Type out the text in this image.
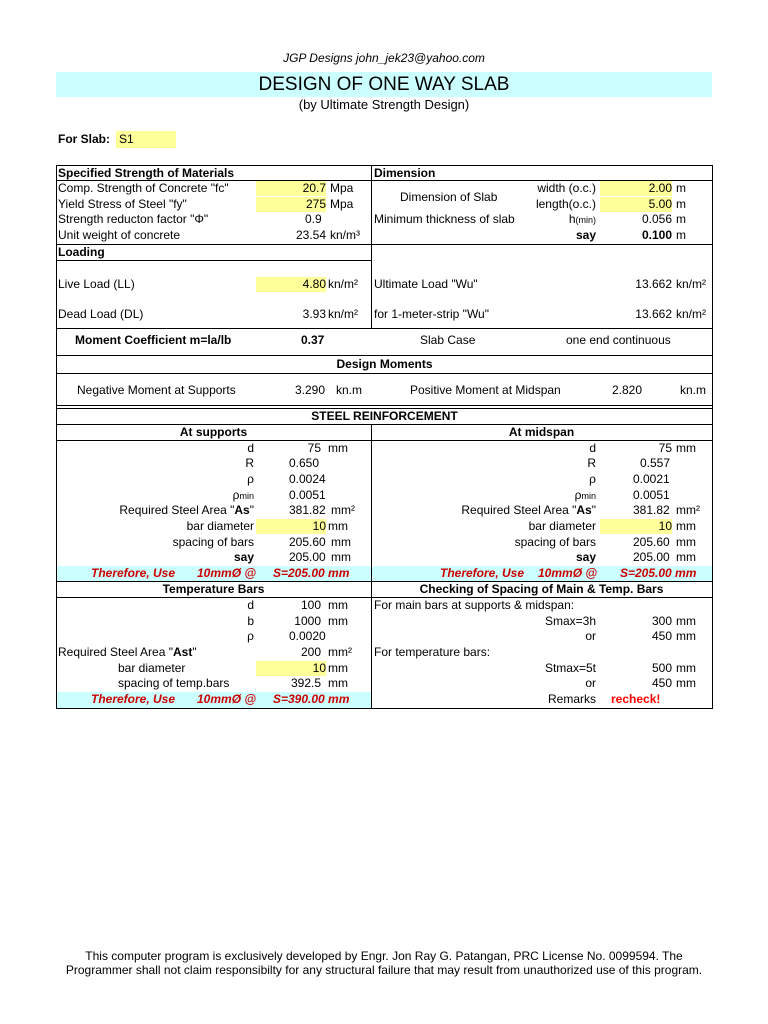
JGP Designs john_jek23@yahoo.com
DESIGN OF ONE WAY SLAB
(by Ultimate Strength Design)
For Slab: S1
Specified Strength of Materials
Comp. Strength of Concrete "fc"	20.7 Mpa
Yield Stress of Steel "fy"	275 Mpa
Strength reducton factor "Φ"	0.9
Unit weight of concrete	23.54 kn/m³
Dimension
Dimension of Slab
width (o.c.)	2.00 m
length(o.c.)	5.00 m
Minimum thickness of slab	h(min)	0.056 m
say	0.100 m
Loading
Live Load (LL)	4.80 kn/m²
Dead Load (DL)	3.93 kn/m²
Ultimate Load "Wu"	13.662 kn/m²
for 1-meter-strip "Wu"	13.662 kn/m²
Moment Coefficient m=la/lb	0.37	Slab Case	one end continuous
Design Moments
Negative Moment at Supports	3.290 kn.m	Positive Moment at Midspan	2.820	kn.m
STEEL REINFORCEMENT
At supports	At midspan
d	75 mm
R	0.650
ρ	0.0024
ρmin	0.0051
Required Steel Area "As"	381.82 mm²
bar diameter	10 mm
spacing of bars	205.60 mm
say	205.00 mm
Therefore, Use 10mmØ @ S=205.00 mm
d	75 mm
R	0.557
ρ	0.0021
ρmin	0.0051
Required Steel Area "As"	381.82 mm²
bar diameter	10 mm
spacing of bars	205.60 mm
say	205.00 mm
Therefore, Use 10mmØ @ S=205.00 mm
Temperature Bars	Checking of Spacing of Main & Temp. Bars
d	100 mm
b	1000 mm
ρ	0.0020
Required Steel Area "Ast"	200 mm²
bar diameter	10 mm
spacing of temp.bars	392.5 mm
Therefore, Use 10mmØ @ S=390.00 mm
For main bars at supports & midspan:
Smax=3h	300 mm
or	450 mm
For temperature bars:
Stmax=5t	500 mm
or	450 mm
Remarks recheck!
This computer program is exclusively developed by Engr. Jon Ray G. Patangan, PRC License No. 0099594. The
Programmer shall not claim responsibilty for any structural failure that may result from unauthorized use of this program.
